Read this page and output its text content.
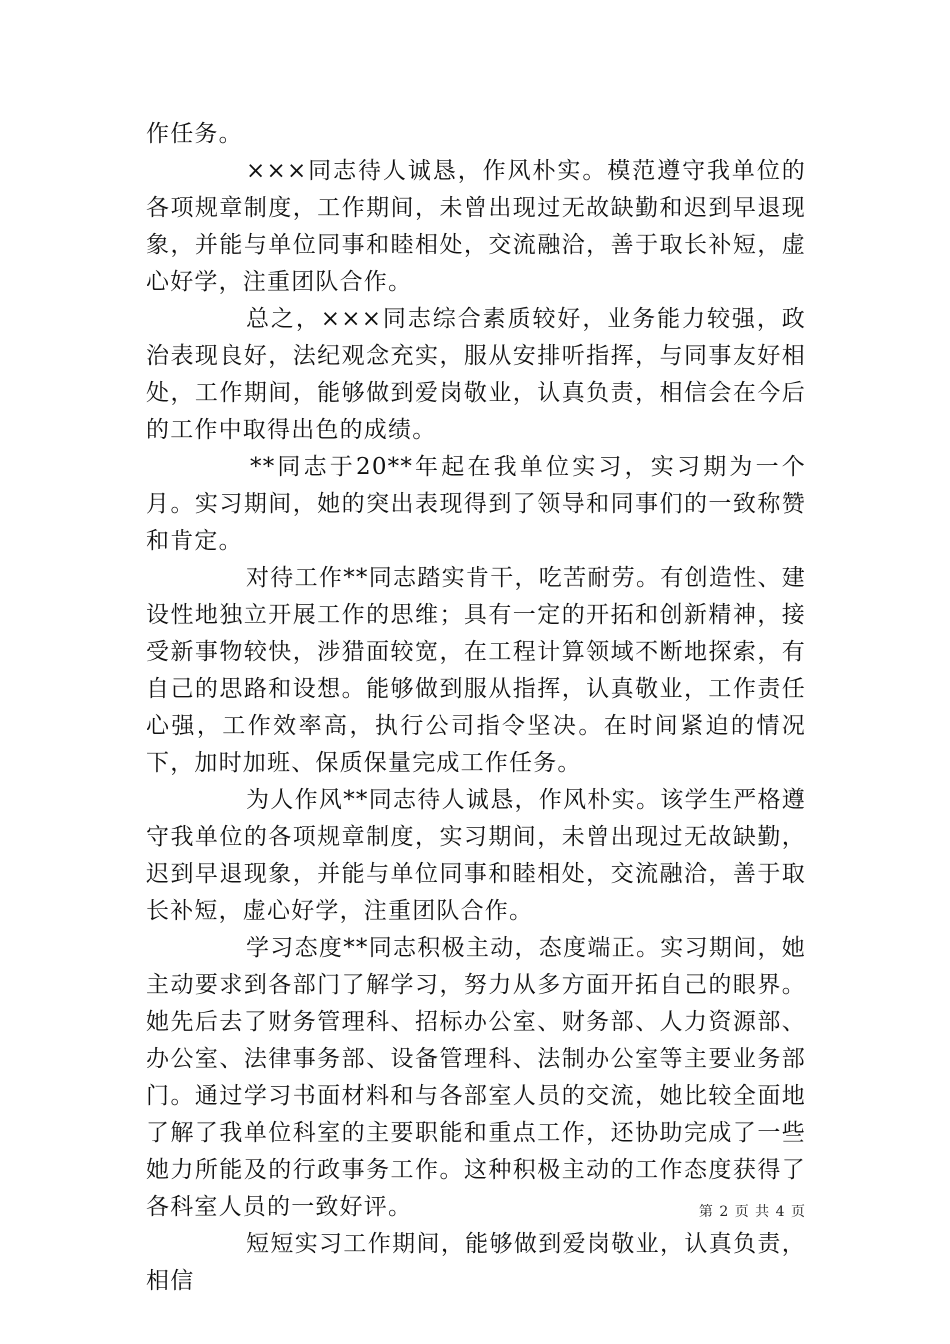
作任务。

×××同志待人诚恳，作风朴实。模范遵守我单位的各项规章制度，工作期间，未曾出现过无故缺勤和迟到早退现象，并能与单位同事和睦相处，交流融洽，善于取长补短，虚心好学，注重团队合作。

总之，×××同志综合素质较好，业务能力较强，政治表现良好，法纪观念充实，服从安排听指挥，与同事友好相处，工作期间，能够做到爱岗敬业，认真负责，相信会在今后的工作中取得出色的成绩。

**同志于20**年起在我单位实习，实习期为一个月。实习期间，她的突出表现得到了领导和同事们的一致称赞和肯定。

对待工作**同志踏实肯干，吃苦耐劳。有创造性、建设性地独立开展工作的思维；具有一定的开拓和创新精神，接受新事物较快，涉猎面较宽，在工程计算领域不断地探索，有自己的思路和设想。能够做到服从指挥，认真敬业，工作责任心强，工作效率高，执行公司指令坚决。在时间紧迫的情况下，加时加班、保质保量完成工作任务。

为人作风**同志待人诚恳，作风朴实。该学生严格遵守我单位的各项规章制度，实习期间，未曾出现过无故缺勤，迟到早退现象，并能与单位同事和睦相处，交流融洽，善于取长补短，虚心好学，注重团队合作。

学习态度**同志积极主动，态度端正。实习期间，她主动要求到各部门了解学习，努力从多方面开拓自己的眼界。她先后去了财务管理科、招标办公室、财务部、人力资源部、办公室、法律事务部、设备管理科、法制办公室等主要业务部门。通过学习书面材料和与各部室人员的交流，她比较全面地了解了我单位科室的主要职能和重点工作，还协助完成了一些她力所能及的行政事务工作。这种积极主动的工作态度获得了各科室人员的一致好评。

短短实习工作期间，能够做到爱岗敬业，认真负责，相信

第 2 页 共 4 页
